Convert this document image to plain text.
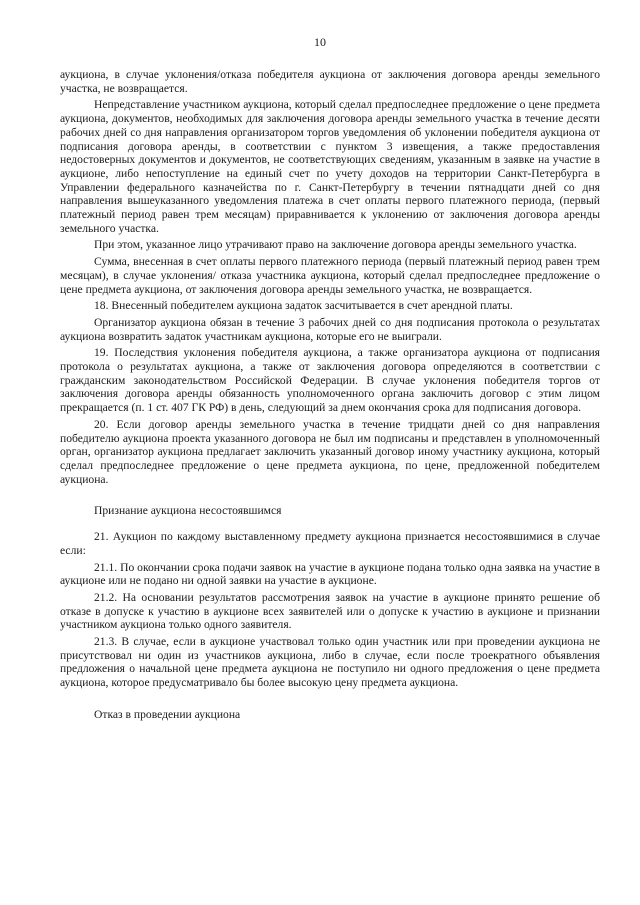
10

аукциона, в случае уклонения/отказа победителя аукциона от заключения договора аренды земельного участка, не возвращается.

Непредставление участником аукциона, который сделал предпоследнее предложение о цене предмета аукциона, документов, необходимых для заключения договора аренды земельного участка в течение десяти рабочих дней со дня направления организатором торгов уведомления об уклонении победителя аукциона от подписания договора аренды, в соответствии с пунктом 3 извещения, а также предоставления недостоверных документов и документов, не соответствующих сведениям, указанным в заявке на участие в аукционе, либо непоступление на единый счет по учету доходов на территории Санкт-Петербурга в Управлении федерального казначейства по г. Санкт-Петербургу в течении пятнадцати дней со дня направления вышеуказанного уведомления платежа в счет оплаты первого платежного периода, (первый платежный период равен трем месяцам) приравнивается к уклонению от заключения договора аренды земельного участка.

При этом, указанное лицо утрачивают право на заключение договора аренды земельного участка.

Сумма, внесенная в счет оплаты первого платежного периода (первый платежный период равен трем месяцам), в случае уклонения/ отказа участника аукциона, который сделал предпоследнее предложение о цене предмета аукциона, от заключения договора аренды земельного участка, не возвращается.

18. Внесенный победителем аукциона задаток засчитывается в счет арендной платы.

Организатор аукциона обязан в течение 3 рабочих дней со дня подписания протокола о результатах аукциона возвратить задаток участникам аукциона, которые его не выиграли.

19. Последствия уклонения победителя аукциона, а также организатора аукциона от подписания протокола о результатах аукциона, а также от заключения договора определяются в соответствии с гражданским законодательством Российской Федерации. В случае уклонения победителя торгов от заключения договора аренды обязанность уполномоченного органа заключить договор с этим лицом прекращается (п. 1 ст. 407 ГК РФ) в день, следующий за днем окончания срока для подписания договора.

20. Если договор аренды земельного участка в течение тридцати дней со дня направления победителю аукциона проекта указанного договора не был им подписаны и представлен в уполномоченный орган, организатор аукциона предлагает заключить указанный договор иному участнику аукциона, который сделал предпоследнее предложение о цене предмета аукциона, по цене, предложенной победителем аукциона.

Признание аукциона несостоявшимся

21. Аукцион по каждому выставленному предмету аукциона признается несостоявшимися в случае если:

21.1. По окончании срока подачи заявок на участие в аукционе подана только одна заявка на участие в аукционе или не подано ни одной заявки на участие в аукционе.

21.2. На основании результатов рассмотрения заявок на участие в аукционе принято решение об отказе в допуске к участию в аукционе всех заявителей или о допуске к участию в аукционе и признании участником аукциона только одного заявителя.

21.3. В случае, если в аукционе участвовал только один участник или при проведении аукциона не присутствовал ни один из участников аукциона, либо в случае, если после троекратного объявления предложения о начальной цене предмета аукциона не поступило ни одного предложения о цене предмета аукциона, которое предусматривало бы более высокую цену предмета аукциона.

Отказ в проведении аукциона
